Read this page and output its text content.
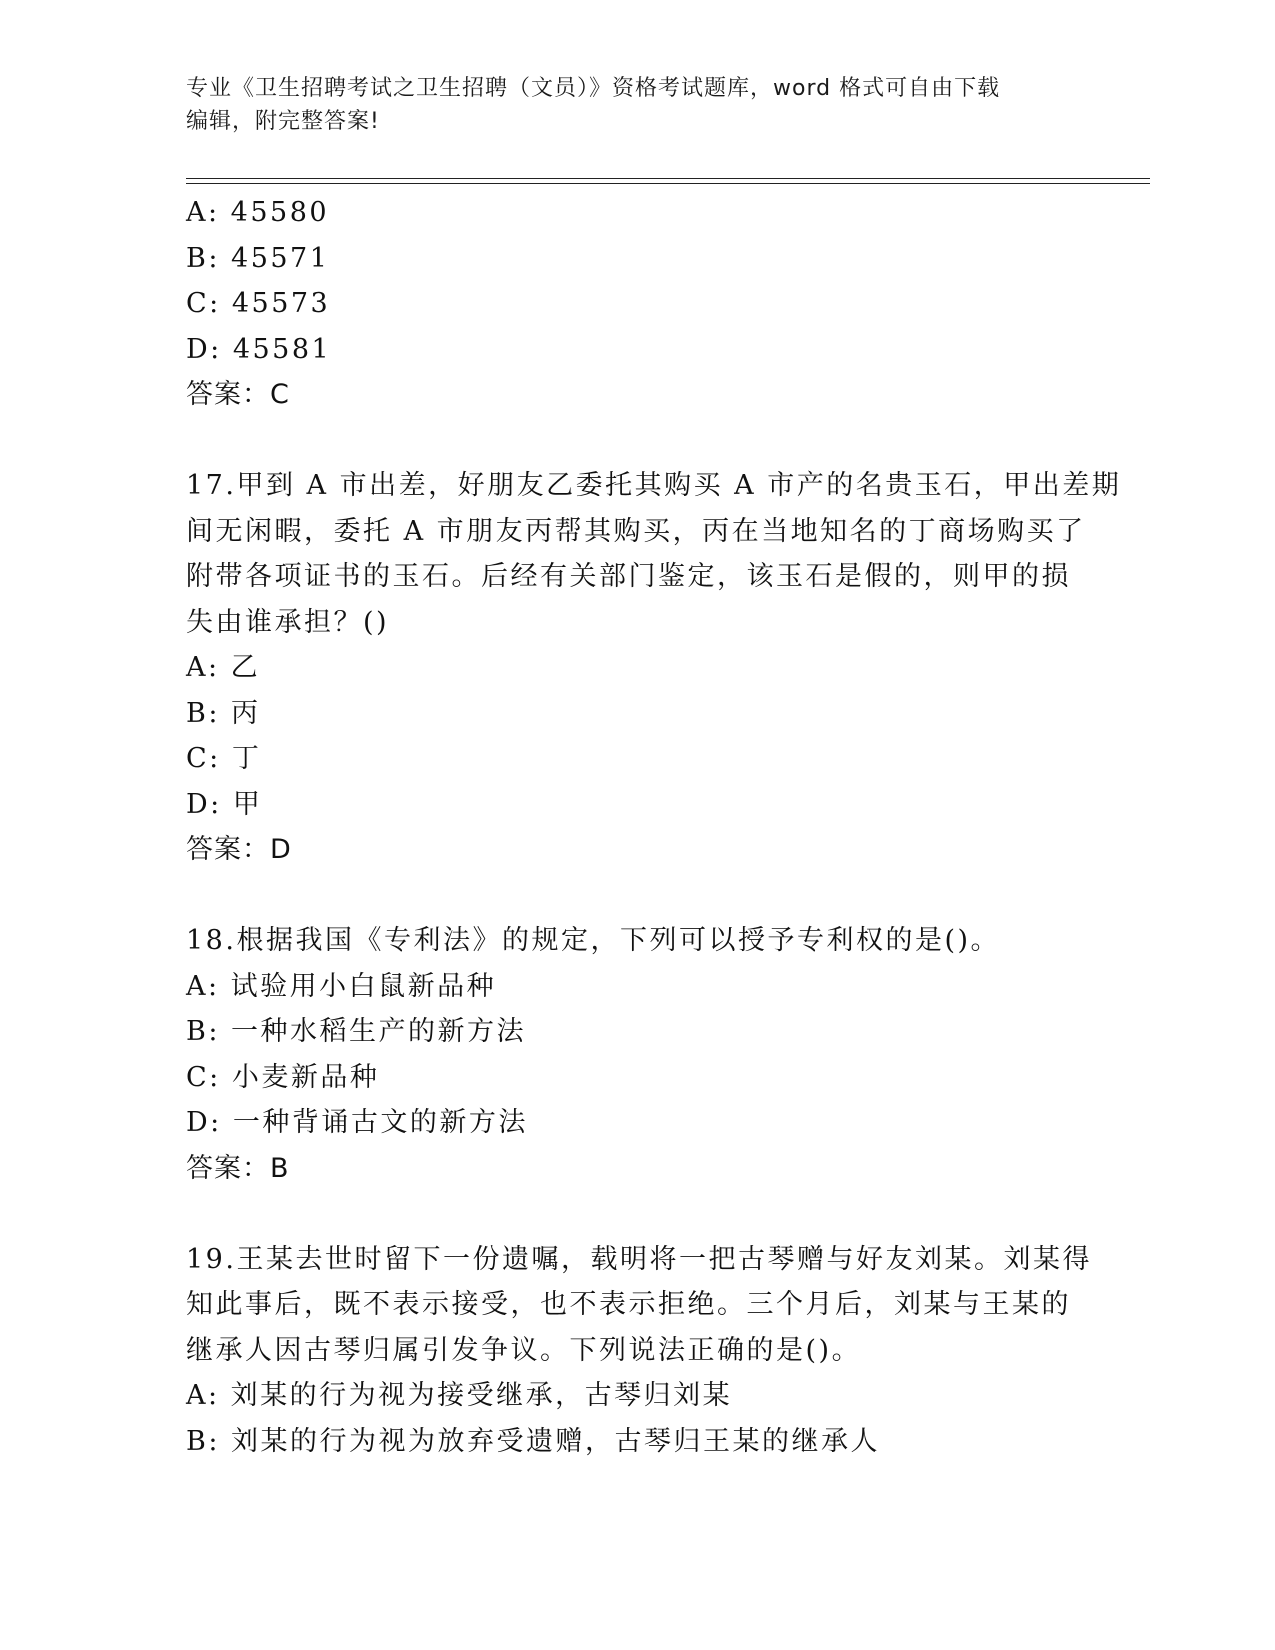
专业《卫生招聘考试之卫生招聘（文员）》资格考试题库，word 格式可自由下载
编辑，附完整答案!
A: 45580
B: 45571
C: 45573
D: 45581
答案：C
17.甲到 A 市出差，好朋友乙委托其购买 A 市产的名贵玉石，甲出差期
间无闲暇，委托 A 市朋友丙帮其购买，丙在当地知名的丁商场购买了
附带各项证书的玉石。后经有关部门鉴定，该玉石是假的，则甲的损
失由谁承担？()
A: 乙
B: 丙
C: 丁
D: 甲
答案：D
18.根据我国《专利法》的规定，下列可以授予专利权的是()。
A: 试验用小白鼠新品种
B: 一种水稻生产的新方法
C: 小麦新品种
D: 一种背诵古文的新方法
答案：B
19.王某去世时留下一份遗嘱，载明将一把古琴赠与好友刘某。刘某得
知此事后，既不表示接受，也不表示拒绝。三个月后，刘某与王某的
继承人因古琴归属引发争议。下列说法正确的是()。
A: 刘某的行为视为接受继承，古琴归刘某
B: 刘某的行为视为放弃受遗赠，古琴归王某的继承人
